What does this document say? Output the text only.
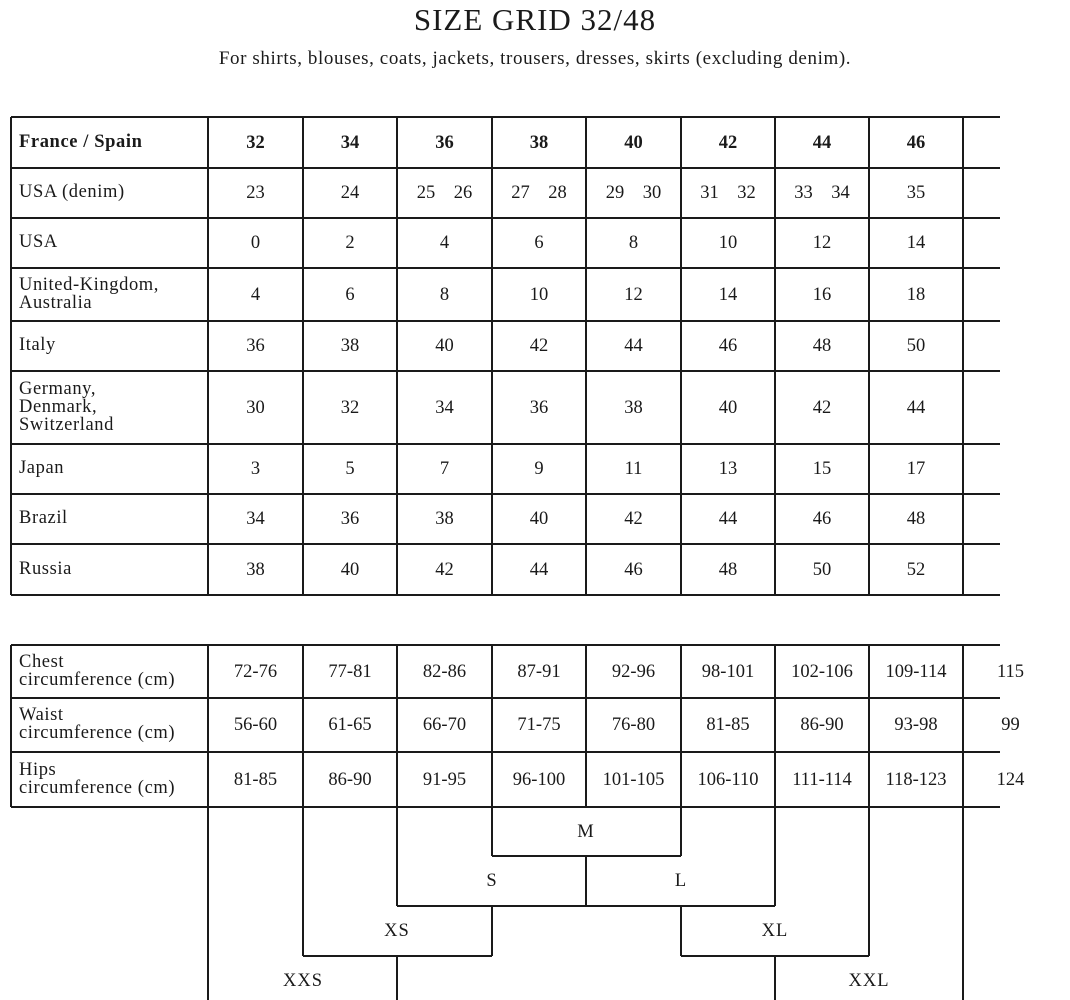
SIZE GRID 32/48
For shirts, blouses, coats, jackets, trousers, dresses, skirts (excluding denim).
M
S	L
XS	XL
XXS	XXL
France / Spain	32	34	36	38	40	42	44	46
USA (denim)	23	24	25    26	27    28	29    30	31    32	33    34	35
USA	0	2	4	6	8	10	12	14
United-Kingdom,
Australia	4	6	8	10	12	14	16	18
Italy	36	38	40	42	44	46	48	50
Germany,
Denmark,
Switzerland
30	32	34	36	38	40	42	44
Japan	3	5	7	9	11	13	15	17
Brazil	34	36	38	40	42	44	46	48
Russia	38	40	42	44	46	48	50	52
Chest
circumference (cm)	72-76	77-81	82-86	87-91	92-96	98-101	102-106	109-114	115
Waist
circumference (cm)	56-60	61-65	66-70	71-75	76-80	81-85	86-90	93-98	99
Hips
circumference (cm)	81-85	86-90	91-95	96-100	101-105	106-110	111-114	118-123	124
